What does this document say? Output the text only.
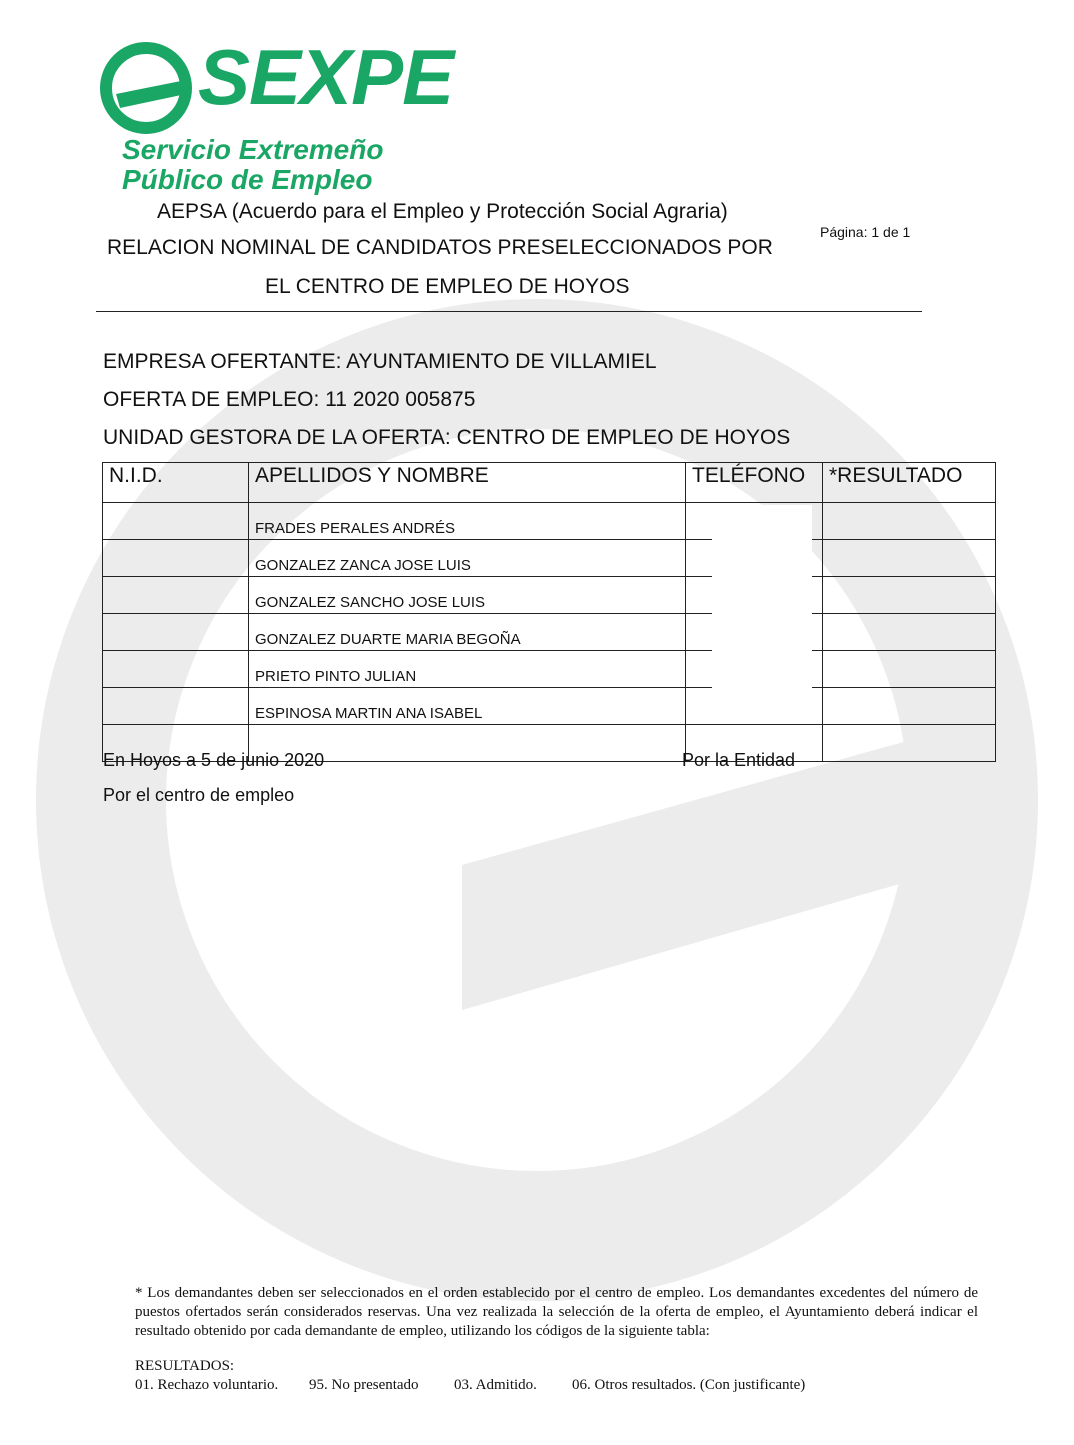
SEXPE
Servicio Extremeño
Público de Empleo
AEPSA (Acuerdo para el Empleo y Protección Social Agraria)
Página: 1 de 1
RELACION NOMINAL DE CANDIDATOS PRESELECCIONADOS POR
EL CENTRO DE EMPLEO DE HOYOS
EMPRESA OFERTANTE: AYUNTAMIENTO DE VILLAMIEL
OFERTA DE EMPLEO: 11 2020 005875
UNIDAD GESTORA DE LA OFERTA: CENTRO DE EMPLEO DE HOYOS
N.I.D.	APELLIDOS Y NOMBRE	TELÉFONO	*RESULTADO
	FRADES PERALES ANDRÉS		
	GONZALEZ ZANCA JOSE LUIS		
	GONZALEZ SANCHO JOSE LUIS		
	GONZALEZ DUARTE MARIA BEGOÑA		
	PRIETO PINTO JULIAN		
	ESPINOSA MARTIN ANA ISABEL		

En Hoyos a 5 de junio 2020	Por la Entidad
Por el centro de empleo
* Los demandantes deben ser seleccionados en el orden establecido por el centro de empleo. Los demandantes excedentes del número de puestos ofertados serán considerados reservas. Una vez realizada la selección de la oferta de empleo, el Ayuntamiento deberá indicar el resultado obtenido por cada demandante de empleo, utilizando los códigos de la siguiente tabla:
RESULTADOS:
01. Rechazo voluntario. 95. No presentado 03. Admitido. 06. Otros resultados. (Con justificante)
